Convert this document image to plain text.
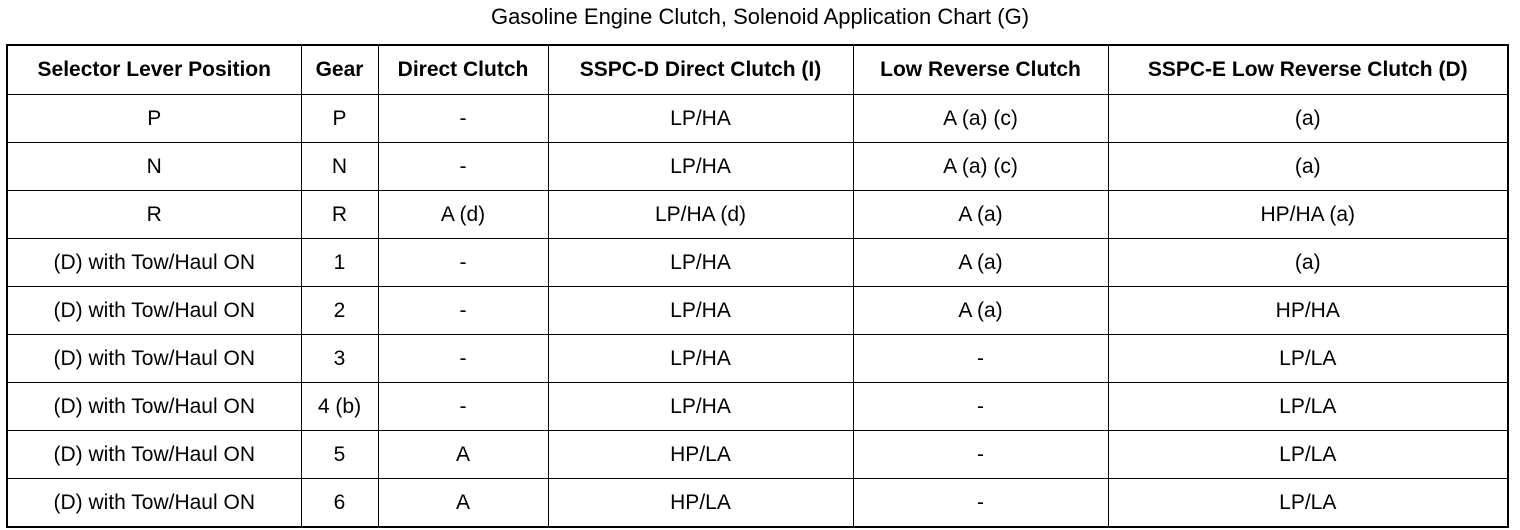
Gasoline Engine Clutch, Solenoid Application Chart (G)
Selector Lever Position	Gear	Direct Clutch	SSPC-D Direct Clutch (I)	Low Reverse Clutch	SSPC-E Low Reverse Clutch (D)
P	P	-	LP/HA	A (a) (c)	(a)
N	N	-	LP/HA	A (a) (c)	(a)
R	R	A (d)	LP/HA (d)	A (a)	HP/HA (a)
(D) with Tow/Haul ON	1	-	LP/HA	A (a)	(a)
(D) with Tow/Haul ON	2	-	LP/HA	A (a)	HP/HA
(D) with Tow/Haul ON	3	-	LP/HA	-	LP/LA
(D) with Tow/Haul ON	4 (b)	-	LP/HA	-	LP/LA
(D) with Tow/Haul ON	5	A	HP/LA	-	LP/LA
(D) with Tow/Haul ON	6	A	HP/LA	-	LP/LA
